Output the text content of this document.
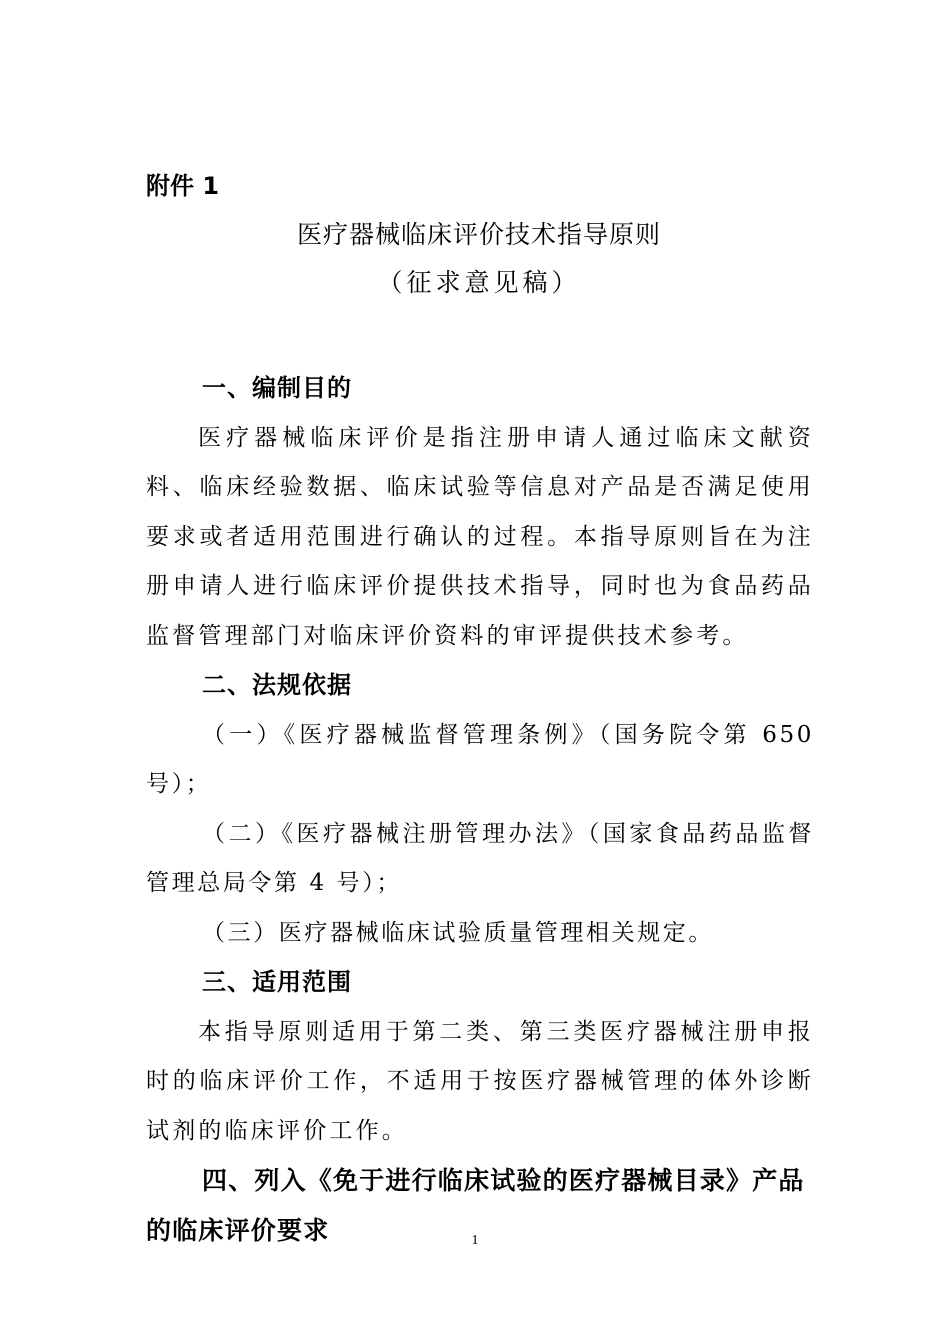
附件 1

医疗器械临床评价技术指导原则

（征求意见稿）

一、编制目的

医疗器械临床评价是指注册申请人通过临床文献资料、临床经验数据、临床试验等信息对产品是否满足使用要求或者适用范围进行确认的过程。本指导原则旨在为注册申请人进行临床评价提供技术指导，同时也为食品药品监督管理部门对临床评价资料的审评提供技术参考。

二、法规依据

（一）《医疗器械监督管理条例》（国务院令第 650 号）；

（二）《医疗器械注册管理办法》（国家食品药品监督管理总局令第 4 号）；

（三）医疗器械临床试验质量管理相关规定。

三、适用范围

本指导原则适用于第二类、第三类医疗器械注册申报时的临床评价工作，不适用于按医疗器械管理的体外诊断试剂的临床评价工作。

四、列入《免于进行临床试验的医疗器械目录》产品的临床评价要求	1
